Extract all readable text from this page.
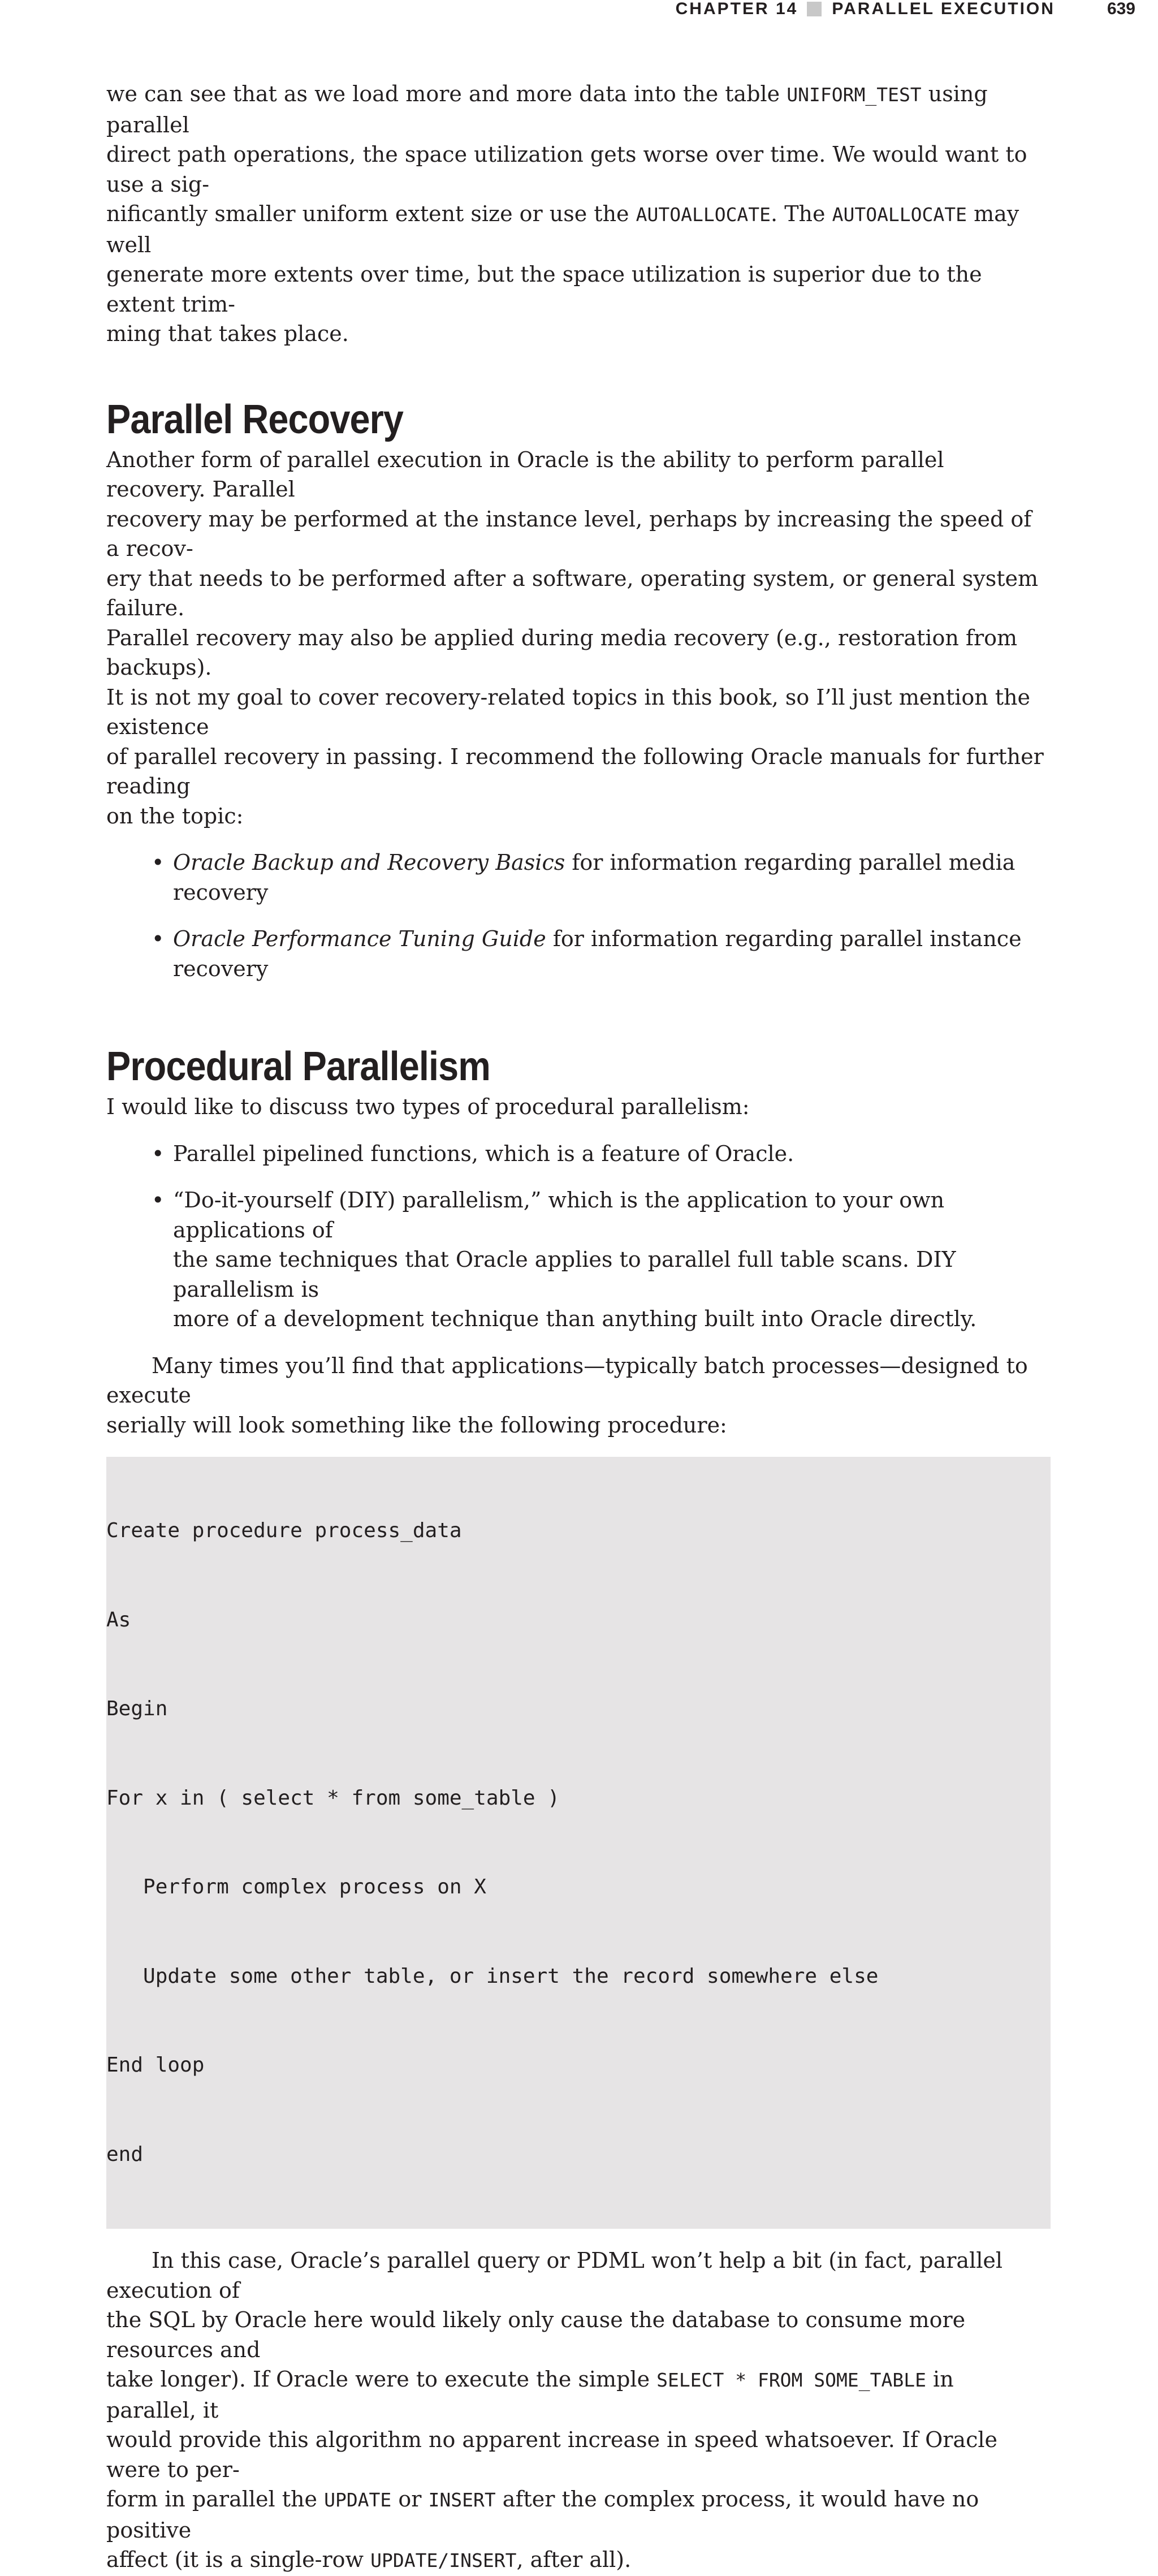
CHAPTER 14 PARALLEL EXECUTION	639

we can see that as we load more and more data into the table UNIFORM_TEST using parallel

direct path operations, the space utilization gets worse over time. We would want to use a sig-

nificantly smaller uniform extent size or use the AUTOALLOCATE. The AUTOALLOCATE may well

generate more extents over time, but the space utilization is superior due to the extent trim-

ming that takes place.

Parallel Recovery

Another form of parallel execution in Oracle is the ability to perform parallel recovery. Parallel

recovery may be performed at the instance level, perhaps by increasing the speed of a recov-

ery that needs to be performed after a software, operating system, or general system failure.

Parallel recovery may also be applied during media recovery (e.g., restoration from backups).

It is not my goal to cover recovery-related topics in this book, so I’ll just mention the existence

of parallel recovery in passing. I recommend the following Oracle manuals for further reading

on the topic:

• Oracle Backup and Recovery Basics for information regarding parallel media recovery
• Oracle Performance Tuning Guide for information regarding parallel instance recovery
Procedural Parallelism

I would like to discuss two types of procedural parallelism:

• Parallel pipelined functions, which is a feature of Oracle.
• “Do-it-yourself (DIY) parallelism,” which is the application to your own applications of
the same techniques that Oracle applies to parallel full table scans. DIY parallelism is
more of a development technique than anything built into Oracle directly.

Many times you’ll find that applications—typically batch processes—designed to execute

serially will look something like the following procedure:

Create procedure process_data

As

Begin

For x in ( select * from some_table )

Perform complex process on X

Update some other table, or insert the record somewhere else

End loop

end

In this case, Oracle’s parallel query or PDML won’t help a bit (in fact, parallel execution of

the SQL by Oracle here would likely only cause the database to consume more resources and

take longer). If Oracle were to execute the simple SELECT * FROM SOME_TABLE in parallel, it

would provide this algorithm no apparent increase in speed whatsoever. If Oracle were to per-

form in parallel the UPDATE or INSERT after the complex process, it would have no positive

affect (it is a single-row UPDATE/INSERT, after all).
